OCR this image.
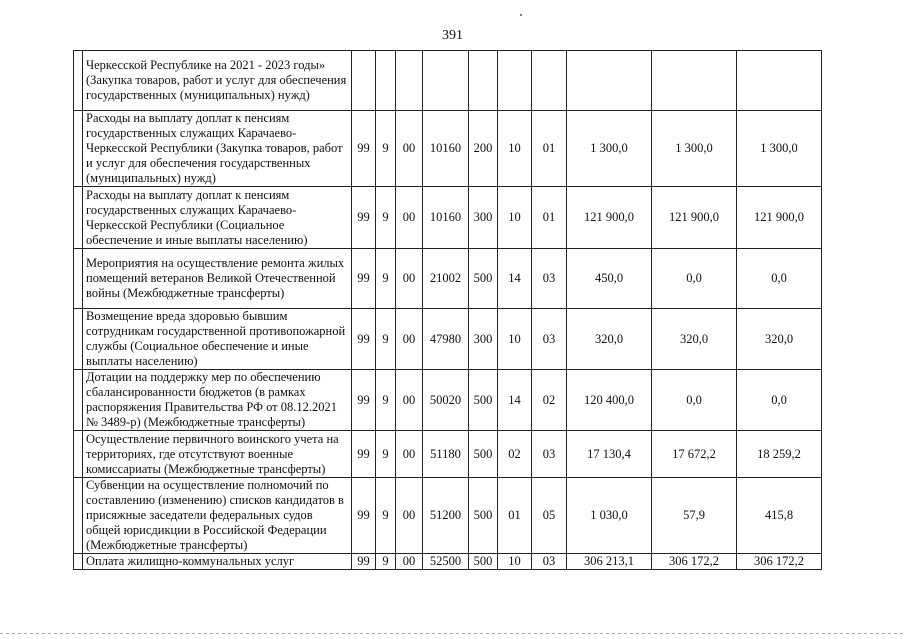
391
	Черкесской Республике на 2021 - 2023 годы» (Закупка товаров, работ и услуг для обеспечения государственных (муниципальных) нужд)										
	Расходы на выплату доплат к пенсиям государственных служащих Карачаево-Черкесской Республики (Закупка товаров, работ и услуг для обеспечения государственных (муниципальных) нужд)	99	9	00	10160	200	10	01	1 300,0	1 300,0	1 300,0
	Расходы на выплату доплат к пенсиям государственных служащих Карачаево-Черкесской Республики (Социальное обеспечение и иные выплаты населению)	99	9	00	10160	300	10	01	121 900,0	121 900,0	121 900,0
	Мероприятия на осуществление ремонта жилых помещений ветеранов Великой Отечественной войны (Межбюджетные трансферты)	99	9	00	21002	500	14	03	450,0	0,0	0,0
	Возмещение вреда здоровью бывшим сотрудникам государственной противопожарной службы (Социальное обеспечение и иные выплаты населению)	99	9	00	47980	300	10	03	320,0	320,0	320,0
	Дотации на поддержку мер по обеспечению сбалансированности бюджетов (в рамках распоряжения Правительства РФ от 08.12.2021 № 3489-р) (Межбюджетные трансферты)	99	9	00	50020	500	14	02	120 400,0	0,0	0,0
	Осуществление первичного воинского учета на территориях, где отсутствуют военные комиссариаты (Межбюджетные трансферты)	99	9	00	51180	500	02	03	17 130,4	17 672,2	18 259,2
	Субвенции на осуществление полномочий по составлению (изменению) списков кандидатов в присяжные заседатели федеральных судов общей юрисдикции в Российской Федерации (Межбюджетные трансферты)	99	9	00	51200	500	01	05	1 030,0	57,9	415,8
	Оплата жилищно-коммунальных услуг	99	9	00	52500	500	10	03	306 213,1	306 172,2	306 172,2
